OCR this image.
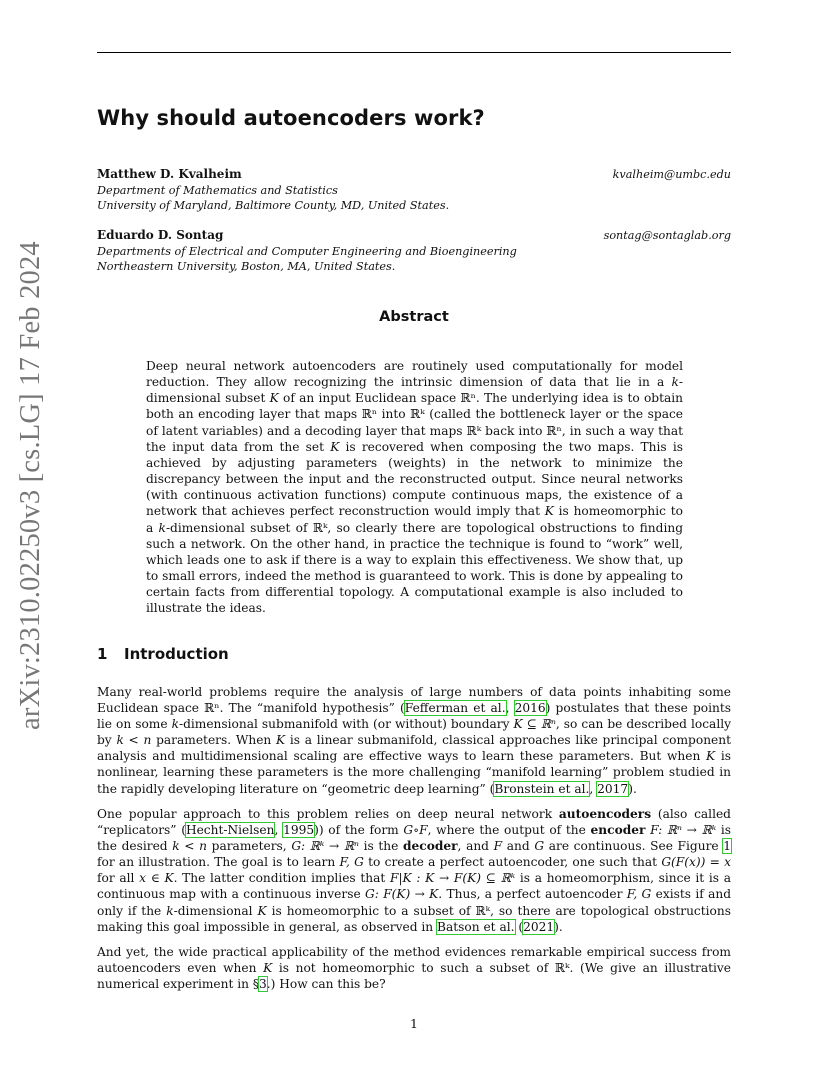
arXiv:2310.02250v3 [cs.LG] 17 Feb 2024
Why should autoencoders work?
Matthew D. Kvalheim	kvalheim@umbc.edu
Department of Mathematics and Statistics
University of Maryland, Baltimore County, MD, United States.
Eduardo D. Sontag	sontag@sontaglab.org
Departments of Electrical and Computer Engineering and Bioengineering
Northeastern University, Boston, MA, United States.
Abstract
Deep neural network autoencoders are routinely used computationally for model reduction. They allow recognizing the intrinsic dimension of data that lie in a k-dimensional subset K of an input Euclidean space ℝⁿ. The underlying idea is to obtain both an encoding layer that maps ℝⁿ into ℝᵏ (called the bottleneck layer or the space of latent variables) and a decoding layer that maps ℝᵏ back into ℝⁿ, in such a way that the input data from the set K is recovered when composing the two maps. This is achieved by adjusting parameters (weights) in the network to minimize the discrepancy between the input and the reconstructed output. Since neural networks (with continuous activation functions) compute continuous maps, the existence of a network that achieves perfect reconstruction would imply that K is homeomorphic to a k-dimensional subset of ℝᵏ, so clearly there are topological obstructions to finding such a network. On the other hand, in practice the technique is found to “work” well, which leads one to ask if there is a way to explain this effectiveness. We show that, up to small errors, indeed the method is guaranteed to work. This is done by appealing to certain facts from differential topology. A computational example is also included to illustrate the ideas.
1 Introduction
Many real-world problems require the analysis of large numbers of data points inhabiting some Euclidean space ℝⁿ. The “manifold hypothesis” (Fefferman et al., 2016) postulates that these points lie on some k-dimensional submanifold with (or without) boundary K ⊆ ℝⁿ, so can be described locally by k < n parameters. When K is a linear submanifold, classical approaches like principal component analysis and multidimensional scaling are effective ways to learn these parameters. But when K is nonlinear, learning these parameters is the more challenging “manifold learning” problem studied in the rapidly developing literature on “geometric deep learning” (Bronstein et al., 2017).
One popular approach to this problem relies on deep neural network autoencoders (also called “replicators” (Hecht-Nielsen, 1995)) of the form G∘F, where the output of the encoder F: ℝⁿ → ℝᵏ is the desired k < n parameters, G: ℝᵏ → ℝⁿ is the decoder, and F and G are continuous. See Figure 1 for an illustration. The goal is to learn F, G to create a perfect autoencoder, one such that G(F(x)) = x for all x ∈ K. The latter condition implies that F|K : K → F(K) ⊆ ℝᵏ is a homeomorphism, since it is a continuous map with a continuous inverse G: F(K) → K. Thus, a perfect autoencoder F, G exists if and only if the k-dimensional K is homeomorphic to a subset of ℝᵏ, so there are topological obstructions making this goal impossible in general, as observed in Batson et al. (2021).
And yet, the wide practical applicability of the method evidences remarkable empirical success from autoencoders even when K is not homeomorphic to such a subset of ℝᵏ. (We give an illustrative numerical experiment in §3.) How can this be?
1
